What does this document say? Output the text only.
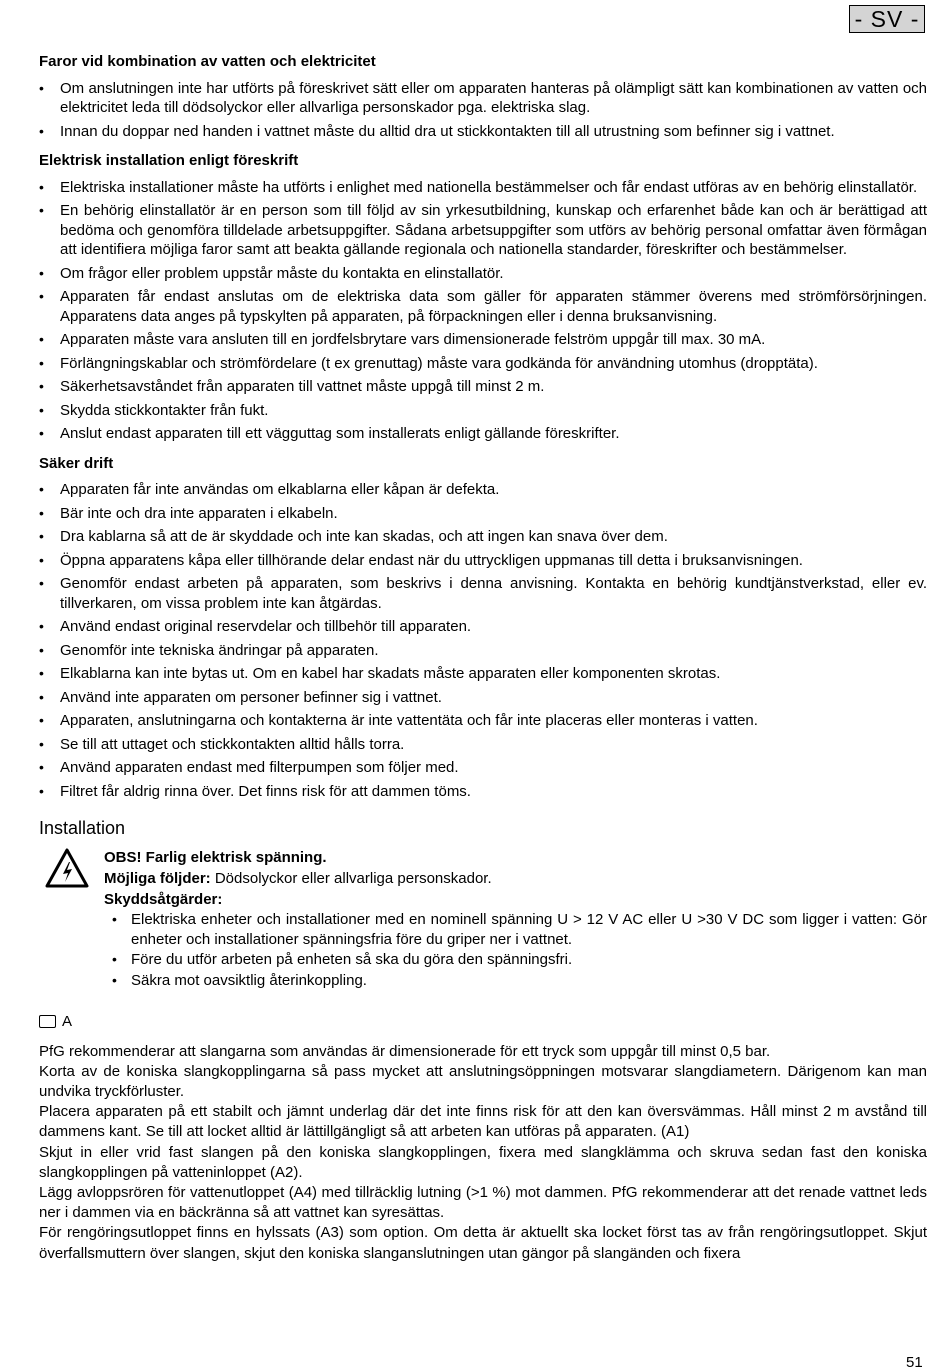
- SV -
Faror vid kombination av vatten och elektricitet
• Om anslutningen inte har utförts på föreskrivet sätt eller om apparaten hanteras på olämpligt sätt kan kombinationen av vatten och elektricitet leda till dödsolyckor eller allvarliga personskador pga. elektriska slag.
• Innan du doppar ned handen i vattnet måste du alltid dra ut stickkontakten till all utrustning som befinner sig i vattnet.
Elektrisk installation enligt föreskrift
• Elektriska installationer måste ha utförts i enlighet med nationella bestämmelser och får endast utföras av en behörig elinstallatör.
• En behörig elinstallatör är en person som till följd av sin yrkesutbildning, kunskap och erfarenhet både kan och är berättigad att bedöma och genomföra tilldelade arbetsuppgifter. Sådana arbetsuppgifter som utförs av behörig personal omfattar även förmågan att identifiera möjliga faror samt att beakta gällande regionala och nationella standarder, föreskrifter och bestämmelser.
• Om frågor eller problem uppstår måste du kontakta en elinstallatör.
• Apparaten får endast anslutas om de elektriska data som gäller för apparaten stämmer överens med strömförsörjningen. Apparatens data anges på typskylten på apparaten, på förpackningen eller i denna bruksanvisning.
• Apparaten måste vara ansluten till en jordfelsbrytare vars dimensionerade felström uppgår till max. 30 mA.
• Förlängningskablar och strömfördelare (t ex grenuttag) måste vara godkända för användning utomhus (dropptäta).
• Säkerhetsavståndet från apparaten till vattnet måste uppgå till minst 2 m.
• Skydda stickkontakter från fukt.
• Anslut endast apparaten till ett vägguttag som installerats enligt gällande föreskrifter.
Säker drift
• Apparaten får inte användas om elkablarna eller kåpan är defekta.
• Bär inte och dra inte apparaten i elkabeln.
• Dra kablarna så att de är skyddade och inte kan skadas, och att ingen kan snava över dem.
• Öppna apparatens kåpa eller tillhörande delar endast när du uttryckligen uppmanas till detta i bruksanvisningen.
• Genomför endast arbeten på apparaten, som beskrivs i denna anvisning. Kontakta en behörig kundtjänstverkstad, eller ev. tillverkaren, om vissa problem inte kan åtgärdas.
• Använd endast original reservdelar och tillbehör till apparaten.
• Genomför inte tekniska ändringar på apparaten.
• Elkablarna kan inte bytas ut. Om en kabel har skadats måste apparaten eller komponenten skrotas.
• Använd inte apparaten om personer befinner sig i vattnet.
• Apparaten, anslutningarna och kontakterna är inte vattentäta och får inte placeras eller monteras i vatten.
• Se till att uttaget och stickkontakten alltid hålls torra.
• Använd apparaten endast med filterpumpen som följer med.
• Filtret får aldrig rinna över. Det finns risk för att dammen töms.
Installation

OBS! Farlig elektrisk spänning.

Möjliga följder: Dödsolyckor eller allvarliga personskador.

Skyddsåtgärder:

• Elektriska enheter och installationer med en nominell spänning U > 12 V AC eller U >30 V DC som ligger i vatten: Gör enheter och installationer spänningsfria före du griper ner i vattnet.
• Före du utför arbeten på enheten så ska du göra den spänningsfri.
• Säkra mot oavsiktlig återinkoppling.
A

PfG rekommenderar att slangarna som användas är dimensionerade för ett tryck som uppgår till minst 0,5 bar.

Korta av de koniska slangkopplingarna så pass mycket att anslutningsöppningen motsvarar slangdiametern. Därigenom kan man undvika tryckförluster.

Placera apparaten på ett stabilt och jämnt underlag där det inte finns risk för att den kan översvämmas. Håll minst 2 m avstånd till dammens kant. Se till att locket alltid är lättillgängligt så att arbeten kan utföras på apparaten. (A1)

Skjut in eller vrid fast slangen på den koniska slangkopplingen, fixera med slangklämma och skruva sedan fast den koniska slangkopplingen på vatteninloppet (A2).

Lägg avloppsrören för vattenutloppet (A4) med tillräcklig lutning (>1 %) mot dammen. PfG rekommenderar att det renade vattnet leds ner i dammen via en bäckränna så att vattnet kan syresättas.

För rengöringsutloppet finns en hylssats (A3) som option. Om detta är aktuellt ska locket först tas av från rengöringsutloppet. Skjut överfallsmuttern över slangen, skjut den koniska slanganslutningen utan gängor på slangänden och fixera

51
